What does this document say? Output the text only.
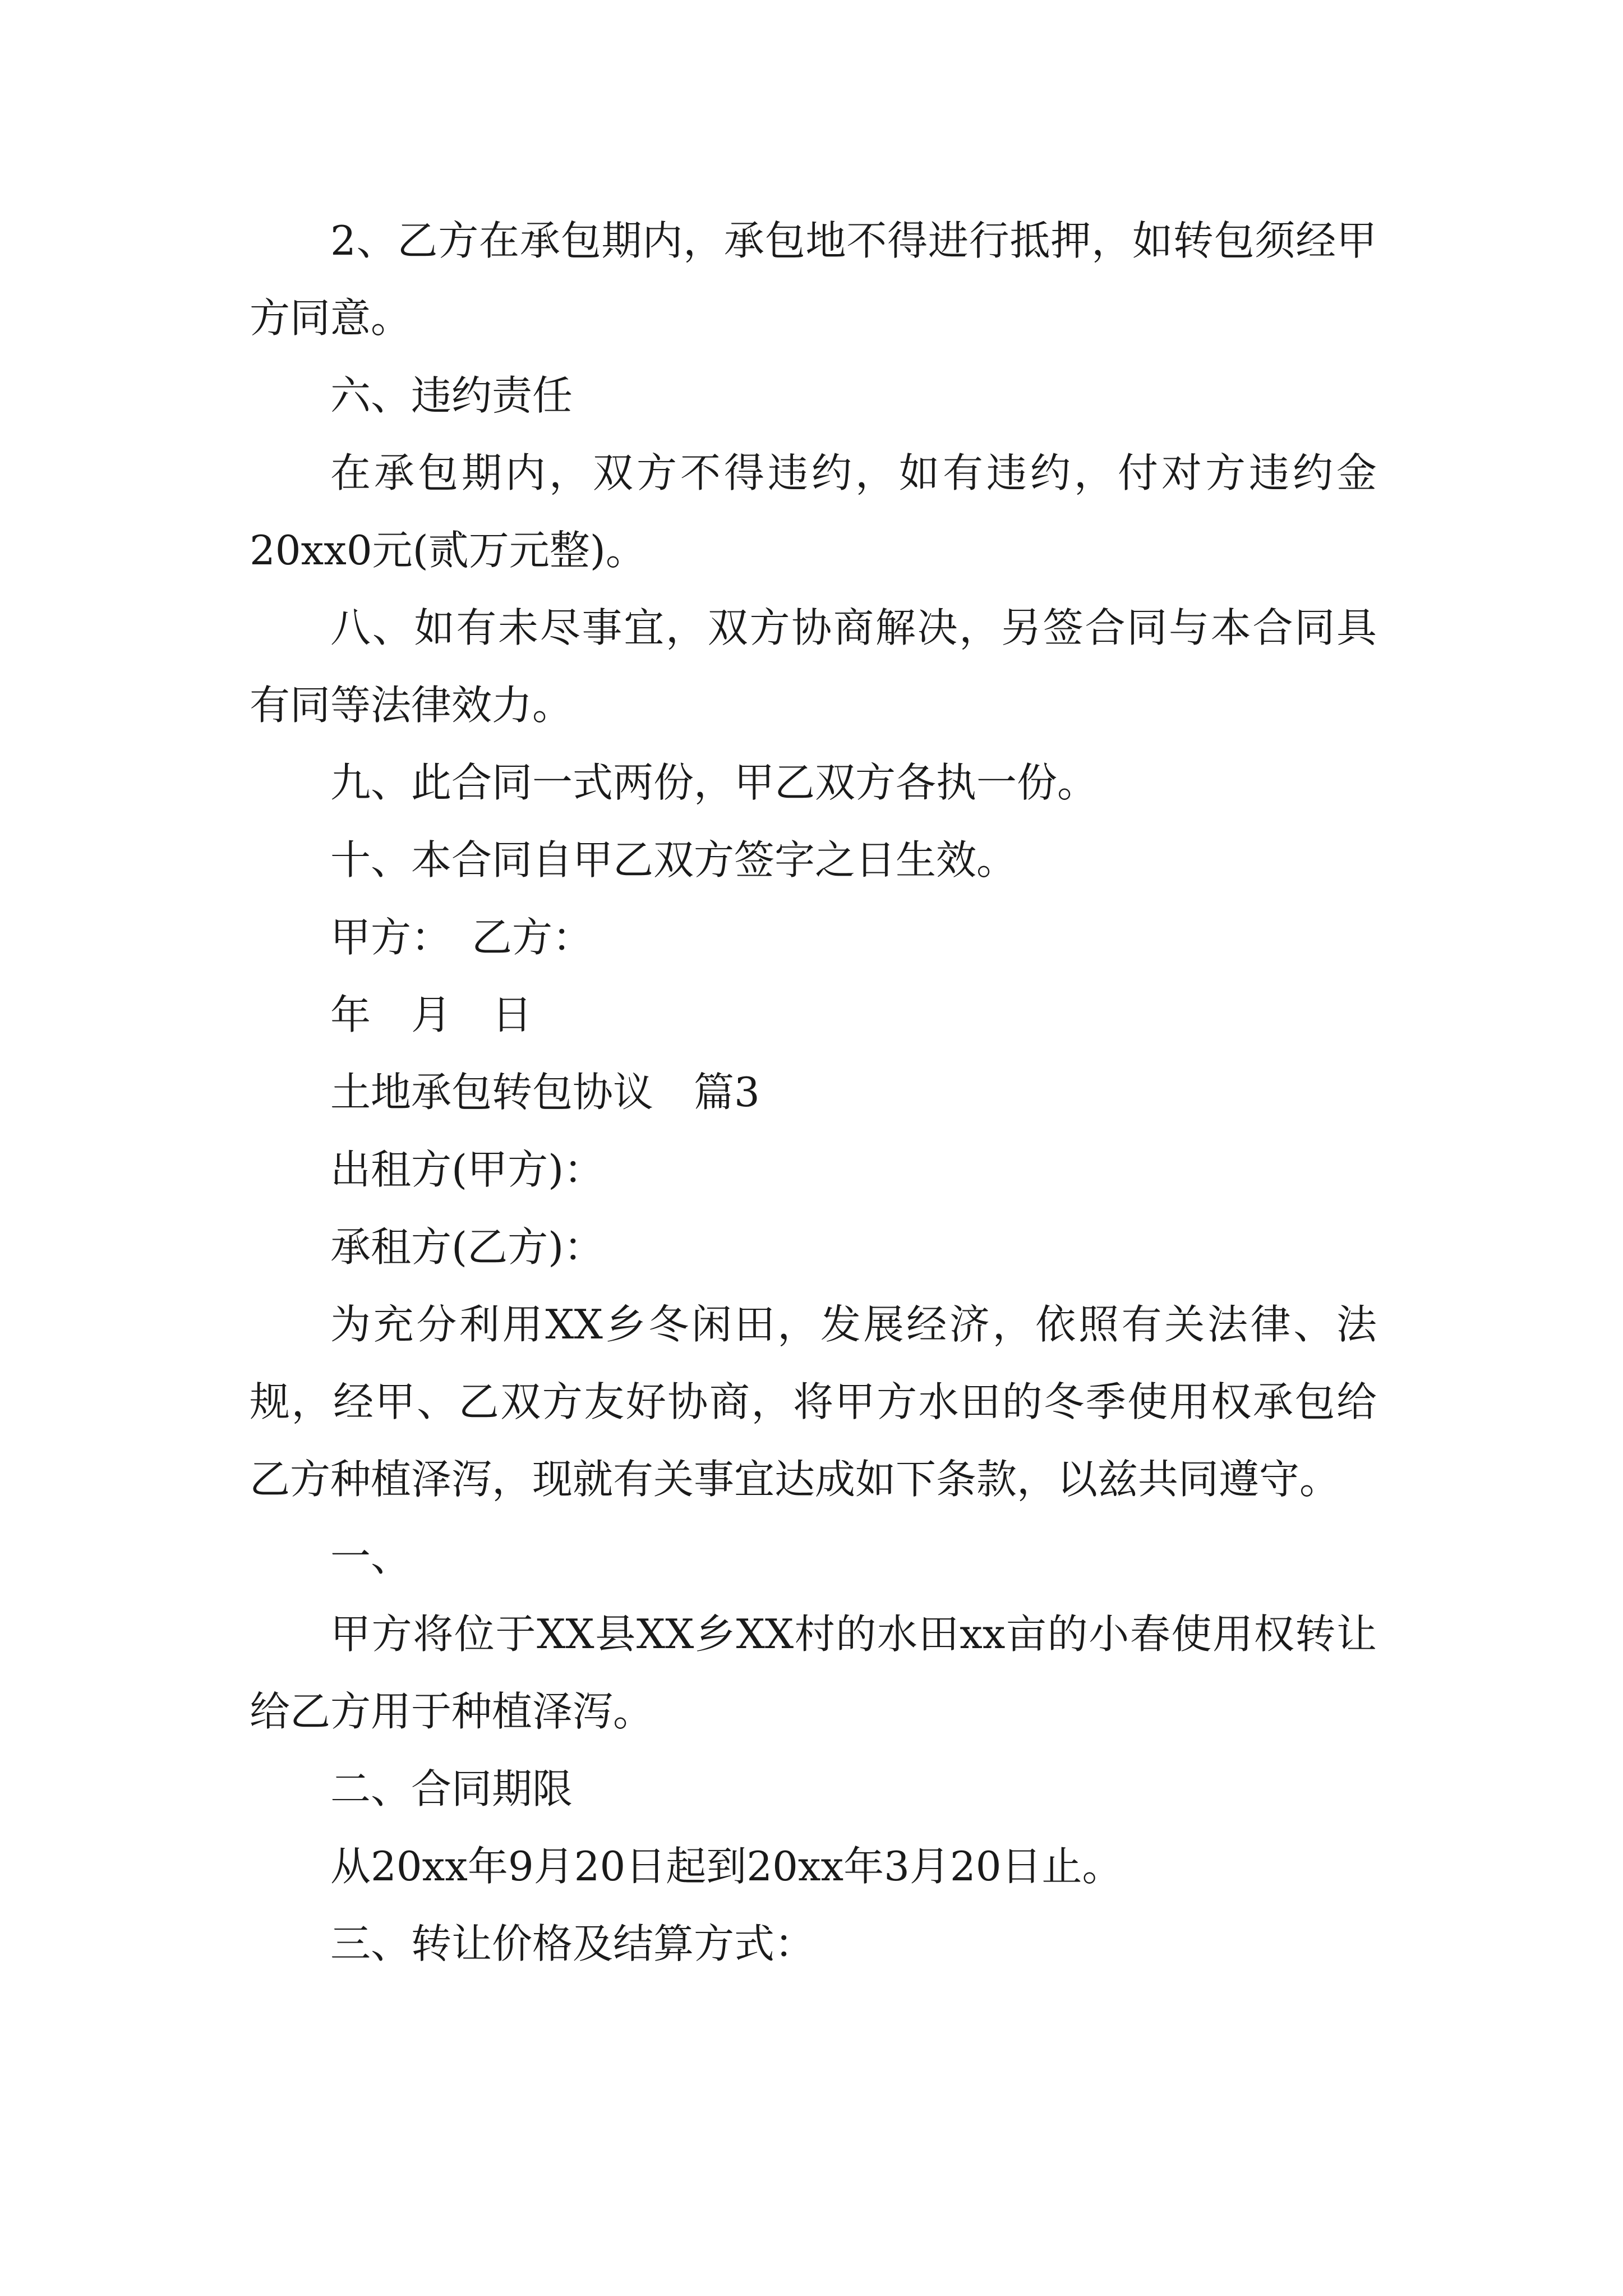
2、乙方在承包期内，承包地不得进行抵押，如转包须经甲方同意。

六、违约责任

在承包期内，双方不得违约，如有违约，付对方违约金20xx0元(贰万元整)。

八、如有未尽事宜，双方协商解决，另签合同与本合同具有同等法律效力。

九、此合同一式两份，甲乙双方各执一份。

十、本合同自甲乙双方签字之日生效。

甲方：　乙方：

年　月　日

土地承包转包协议　篇3

出租方(甲方)：

承租方(乙方)：

为充分利用XX乡冬闲田，发展经济，依照有关法律、法规，经甲、乙双方友好协商，将甲方水田的冬季使用权承包给乙方种植泽泻，现就有关事宜达成如下条款，以兹共同遵守。

一、

甲方将位于XX县XX乡XX村的水田xx亩的小春使用权转让给乙方用于种植泽泻。

二、合同期限

从20xx年9月20日起到20xx年3月20日止。

三、转让价格及结算方式：
